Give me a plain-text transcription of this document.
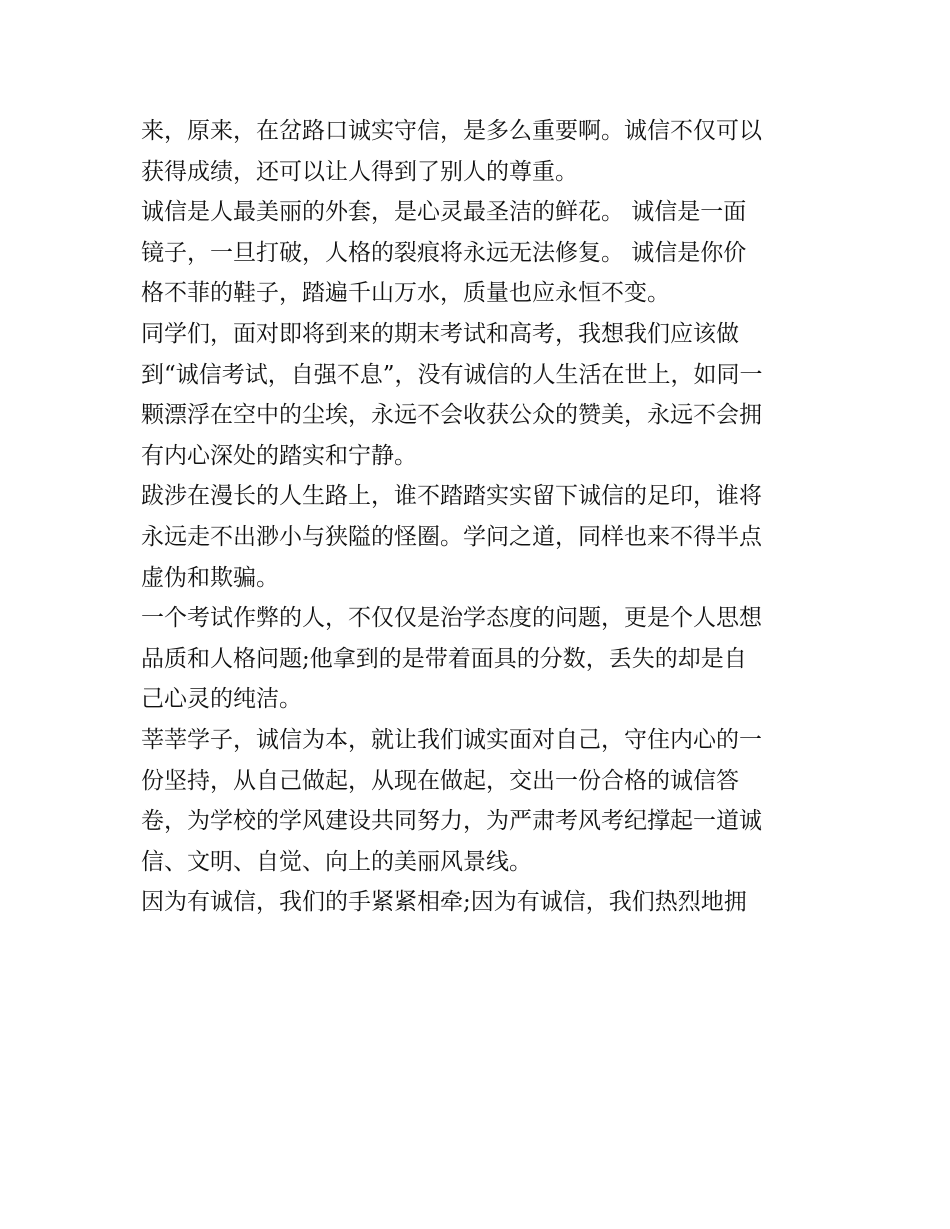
来，原来，在岔路口诚实守信，是多么重要啊。诚信不仅可以
获得成绩，还可以让人得到了别人的尊重。
诚信是人最美丽的外套，是心灵最圣洁的鲜花。 诚信是一面
镜子，一旦打破，人格的裂痕将永远无法修复。 诚信是你价
格不菲的鞋子，踏遍千山万水，质量也应永恒不变。
同学们，面对即将到来的期末考试和高考，我想我们应该做
到“诚信考试，自强不息”，没有诚信的人生活在世上，如同一
颗漂浮在空中的尘埃，永远不会收获公众的赞美，永远不会拥
有内心深处的踏实和宁静。
跋涉在漫长的人生路上，谁不踏踏实实留下诚信的足印，谁将
永远走不出渺小与狭隘的怪圈。学问之道，同样也来不得半点
虚伪和欺骗。
一个考试作弊的人，不仅仅是治学态度的问题，更是个人思想
品质和人格问题;他拿到的是带着面具的分数，丢失的却是自
己心灵的纯洁。
莘莘学子，诚信为本，就让我们诚实面对自己，守住内心的一
份坚持，从自己做起，从现在做起，交出一份合格的诚信答
卷，为学校的学风建设共同努力，为严肃考风考纪撑起一道诚
信、文明、自觉、向上的美丽风景线。
因为有诚信，我们的手紧紧相牵;因为有诚信，我们热烈地拥
